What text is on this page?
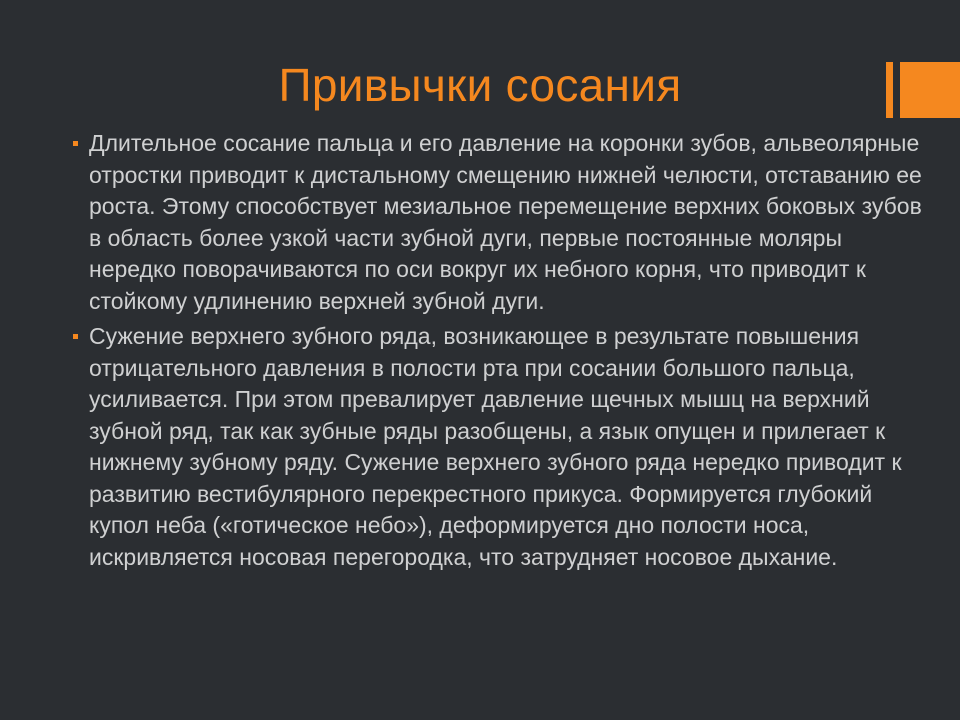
Привычки сосания
Длительное сосание пальца и его давление на коронки зубов, альвеолярные отростки приводит к дистальному смещению нижней челюсти, отставанию ее роста. Этому способствует мезиальное перемещение верхних боковых зубов в область более узкой части зубной дуги, первые постоянные моляры нередко поворачиваются по оси вокруг их небного корня, что приводит к стойкому удлинению верхней зубной дуги.
Сужение верхнего зубного ряда, возникающее в результате повышения отрицательного давления в полости рта при сосании большого пальца, усиливается. При этом превалирует давление щечных мышц на верхний зубной ряд, так как зубные ряды разобщены, а язык опущен и прилегает к нижнему зубному ряду. Сужение верхнего зубного ряда нередко приводит к развитию вестибулярного перекрестного прикуса. Формируется глубокий купол неба («готическое небо»), деформируется дно полости носа, искривляется носовая перегородка, что затрудняет носовое дыхание.
